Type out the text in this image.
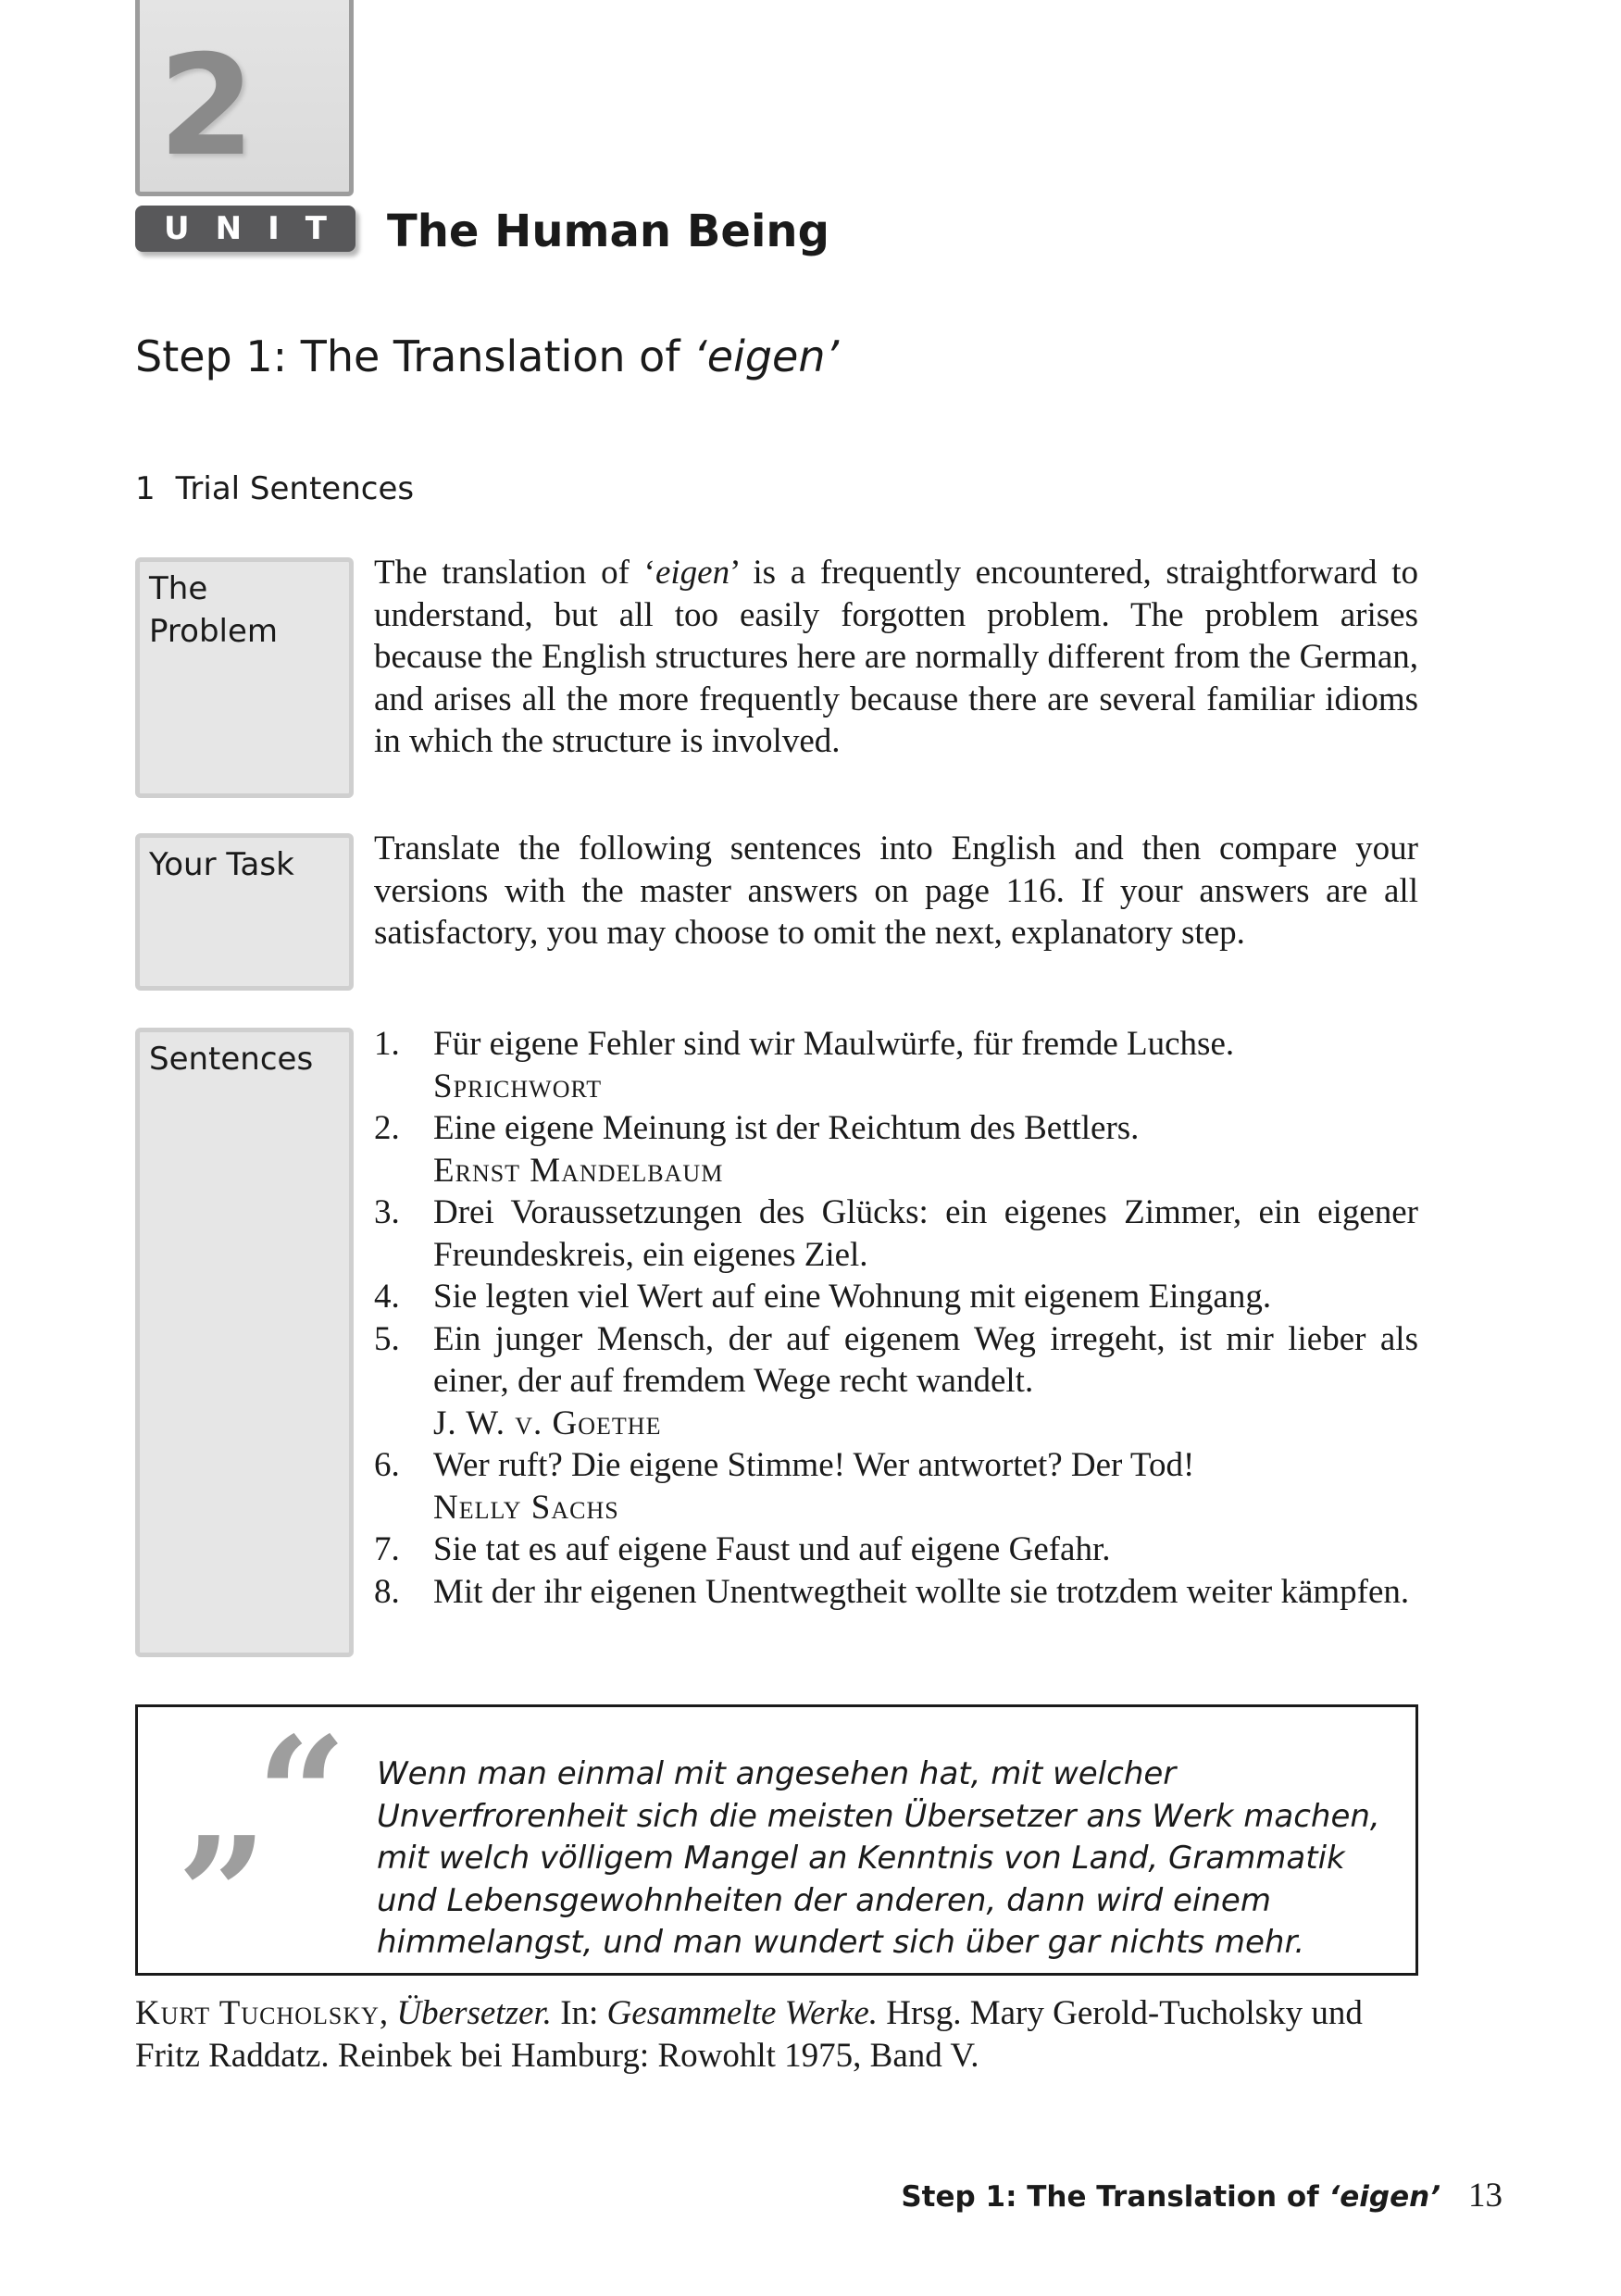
2
UNIT The Human Being
Step 1: The Translation of ‘eigen’
1 Trial Sentences
The
Problem
The translation of ‘eigen’ is a frequently encountered, straightforward to understand, but all too easily forgotten problem. The problem arises because the English structures here are normally different from the German, and arises all the more frequently because there are several familiar idioms in which the structure is involved.
Your Task	Translate the following sentences into English and then compare your versions with the master answers on page 116. If your answers are all satisfactory, you may choose to omit the next, explanatory step.
Sentences	1. Für eigene Fehler sind wir Maulwürfe, für fremde Luchse.
Sprichwort
2. Eine eigene Meinung ist der Reichtum des Bettlers.
Ernst Mandelbaum
3. Drei Voraussetzungen des Glücks: ein eigenes Zimmer, ein eigener Freundeskreis, ein eigenes Ziel.
4. Sie legten viel Wert auf eine Wohnung mit eigenem Eingang.
5. Ein junger Mensch, der auf eigenem Weg irregeht, ist mir lieber als einer, der auf fremdem Wege recht wandelt.
J. W. v. Goethe
6. Wer ruft? Die eigene Stimme! Wer antwortet? Der Tod!
Nelly Sachs
7. Sie tat es auf eigene Faust und auf eigene Gefahr.
8. Mit der ihr eigenen Unentwegtheit wollte sie trotzdem weiter kämpfen.
“
”
Wenn man einmal mit angesehen hat, mit welcher Unverfrorenheit sich die meisten Übersetzer ans Werk machen, mit welch völligem Mangel an Kenntnis von Land, Grammatik und Lebensgewohnheiten der anderen, dann wird einem himmelangst, und man wundert sich über gar nichts mehr.
Kurt Tucholsky, Übersetzer. In: Gesammelte Werke. Hrsg. Mary Gerold-Tucholsky und Fritz Raddatz. Reinbek bei Hamburg: Rowohlt 1975, Band V.
Step 1: The Translation of ‘eigen’ 13
